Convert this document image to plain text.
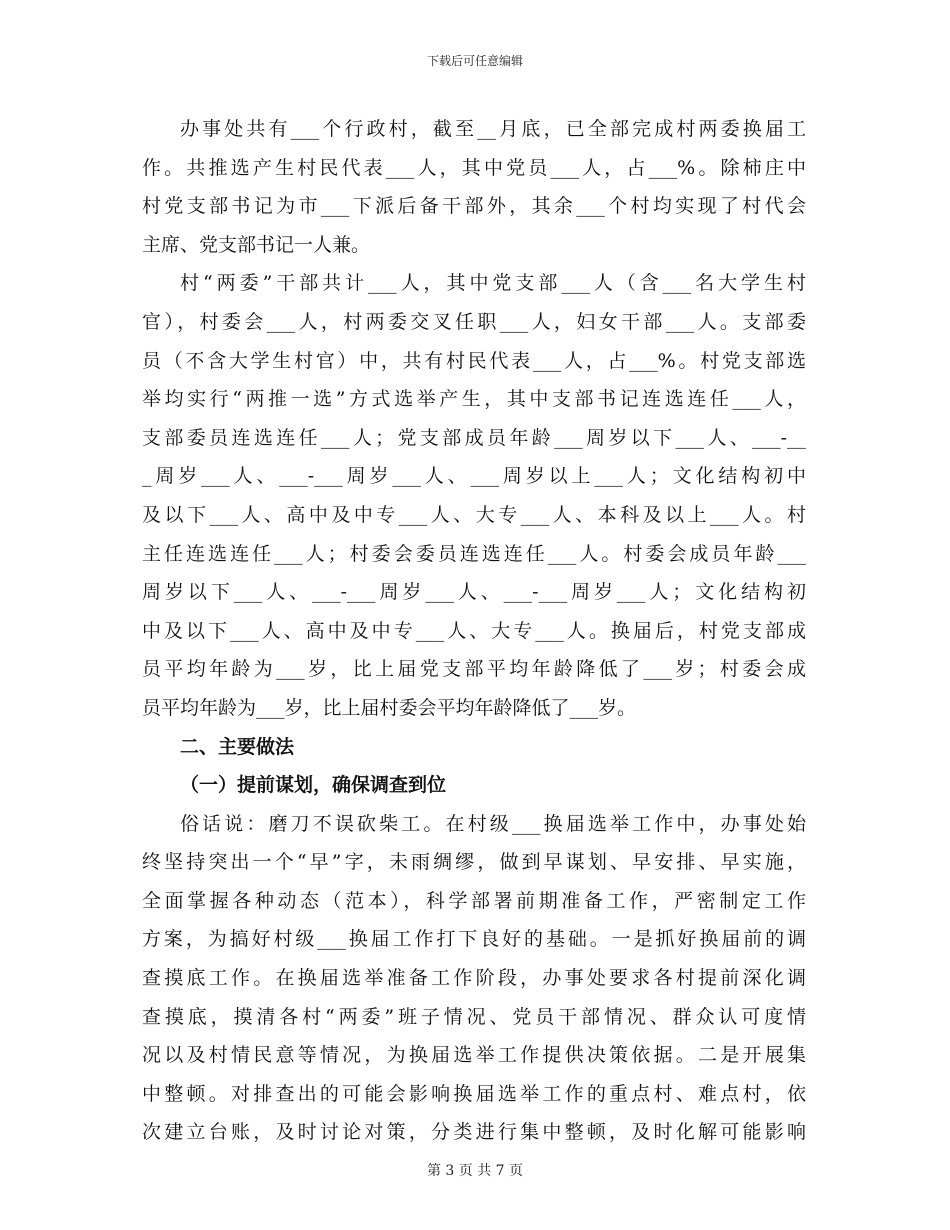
下载后可任意编辑
办事处共有___个行政村，截至__月底，已全部完成村两委换届工
作。共推选产生村民代表___人，其中党员___人，占___%。除柿庄中
村党支部书记为市___下派后备干部外，其余___个村均实现了村代会
主席、党支部书记一人兼。
村“两委”干部共计___人，其中党支部___人（含___名大学生村
官），村委会___人，村两委交叉任职___人，妇女干部___人。支部委
员（不含大学生村官）中，共有村民代表___人，占___%。村党支部选
举均实行“两推一选”方式选举产生，其中支部书记连选连任___人，
支部委员连选连任___人；党支部成员年龄___周岁以下___人、___-__
_周岁___人、___-___周岁___人、___周岁以上___人；文化结构初中
及以下___人、高中及中专___人、大专___人、本科及以上___人。村
主任连选连任___人；村委会委员连选连任___人。村委会成员年龄___
周岁以下___人、___-___周岁___人、___-___周岁___人；文化结构初
中及以下___人、高中及中专___人、大专___人。换届后，村党支部成
员平均年龄为___岁，比上届党支部平均年龄降低了___岁；村委会成
员平均年龄为___岁，比上届村委会平均年龄降低了___岁。
二、主要做法
（一）提前谋划，确保调查到位
俗话说：磨刀不误砍柴工。在村级___换届选举工作中，办事处始
终坚持突出一个“早”字，未雨绸缪，做到早谋划、早安排、早实施，
全面掌握各种动态（范本），科学部署前期准备工作，严密制定工作
方案，为搞好村级___换届工作打下良好的基础。一是抓好换届前的调
查摸底工作。在换届选举准备工作阶段，办事处要求各村提前深化调
查摸底，摸清各村“两委”班子情况、党员干部情况、群众认可度情
况以及村情民意等情况，为换届选举工作提供决策依据。二是开展集
中整顿。对排查出的可能会影响换届选举工作的重点村、难点村，依
次建立台账，及时讨论对策，分类进行集中整顿，及时化解可能影响
第 3 页 共 7 页
